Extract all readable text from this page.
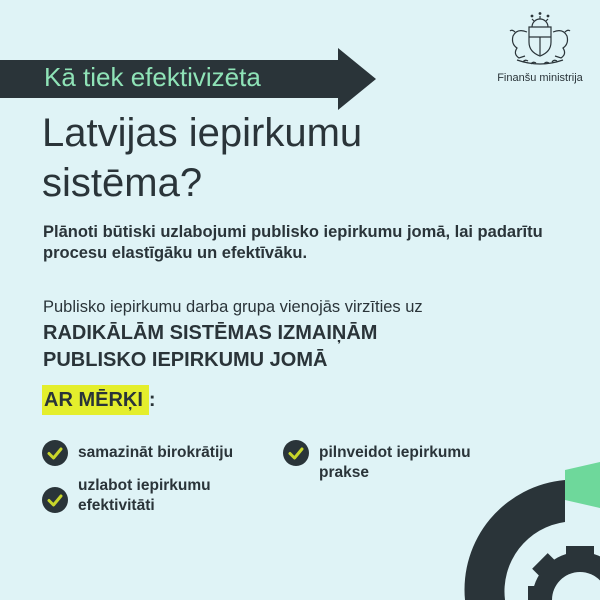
Kā tiek efektivizēta
Latvijas iepirkumu
sistēma?

Plānoti būtiski uzlabojumi publisko iepirkumu jomā, lai padarītu procesu elastīgāku un efektīvāku.

Publisko iepirkumu darba grupa vienojās virzīties uz

RADIKĀLĀM SISTĒMAS IZMAIŅĀM
PUBLISKO IEPIRKUMU JOMĀ
AR MĒRĶI :
samazināt birokrātiju	pilnveidot iepirkumu
prakse
uzlabot iepirkumu
efektivitāti
Finanšu ministrija
